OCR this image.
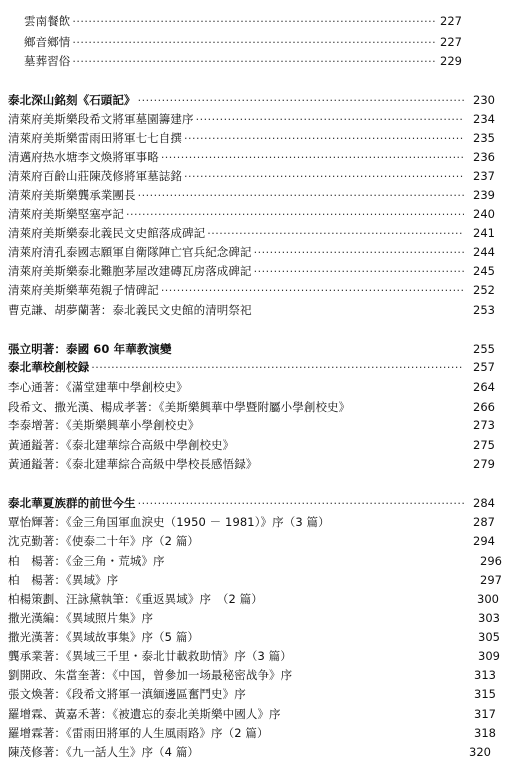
雲南餐飲 ·····	227
鄉音鄉情 ·····	227
墓葬習俗 ·····	229
泰北深山銘刻《石頭記》 ·····	230
清萊府美斯樂段希文將軍墓園籌建序 ·····	234
清萊府美斯樂雷雨田將軍七七自撰 ·····	235
清邁府热水塘李文煥將軍事略 ·····	236
清萊府百齡山莊陳茂修將軍墓誌銘 ·····	237
清萊府美斯樂龔承業團長 ·····	239
清萊府美斯樂堅塞亭記 ·····	240
清萊府美斯樂泰北義民文史館落成碑記 ·····	241
清萊府清孔泰國志願軍自衛隊陣亡官兵紀念碑記 ·····	244
清萊府美斯樂泰北難胞茅屋改建磚瓦房落成碑記 ·····	245
清萊府美斯樂華苑親子情碑記 ·····	252
曹克謙、胡夢蘭著：泰北義民文史館的清明祭祀	253
張立明著：泰國 60 年華教演變	255
泰北華校創校録 ·····	257
李心通著：《滿堂建華中學創校史》	264
段希文、撒光漢、楊成孝著：《美斯樂興華中學暨附屬小學創校史》	266
李泰增著：《美斯樂興華小學創校史》	273
黃通鎰著：《泰北建華综合高級中學創校史》	275
黃通鎰著：《泰北建華綜合高級中學校長感悟録》	279
泰北華夏族群的前世今生 ·····	284
覃怡輝著：《金三角国軍血淚史（1950 － 1981）》序（3 篇）	287
沈克勤著：《使泰二十年》序（2 篇）	294
柏　楊著：《金三角・荒城》序	296
柏　楊著：《異域》序	297
柏楊策劃、汪詠黛執筆：《重返異域》序　（2 篇）	300
撒光漢編：《異域照片集》序	303
撒光漢著：《異域故事集》序（5 篇）	305
龔承業著：《異域三千里・泰北廿載救助情》序（3 篇）	309
劉開政、朱當奎著：《中国，曾參加一场最秘密战争》序	313
張文煥著：《段希文將軍一滇緬邊區奮鬥史》序	315
羅增霖、黃嘉禾著：《被遺忘的泰北美斯樂中國人》序	317
羅增霖著：《雷雨田將軍的人生風雨路》序（2 篇）	318
陳茂修著：《九一話人生》序（4 篇）	320
